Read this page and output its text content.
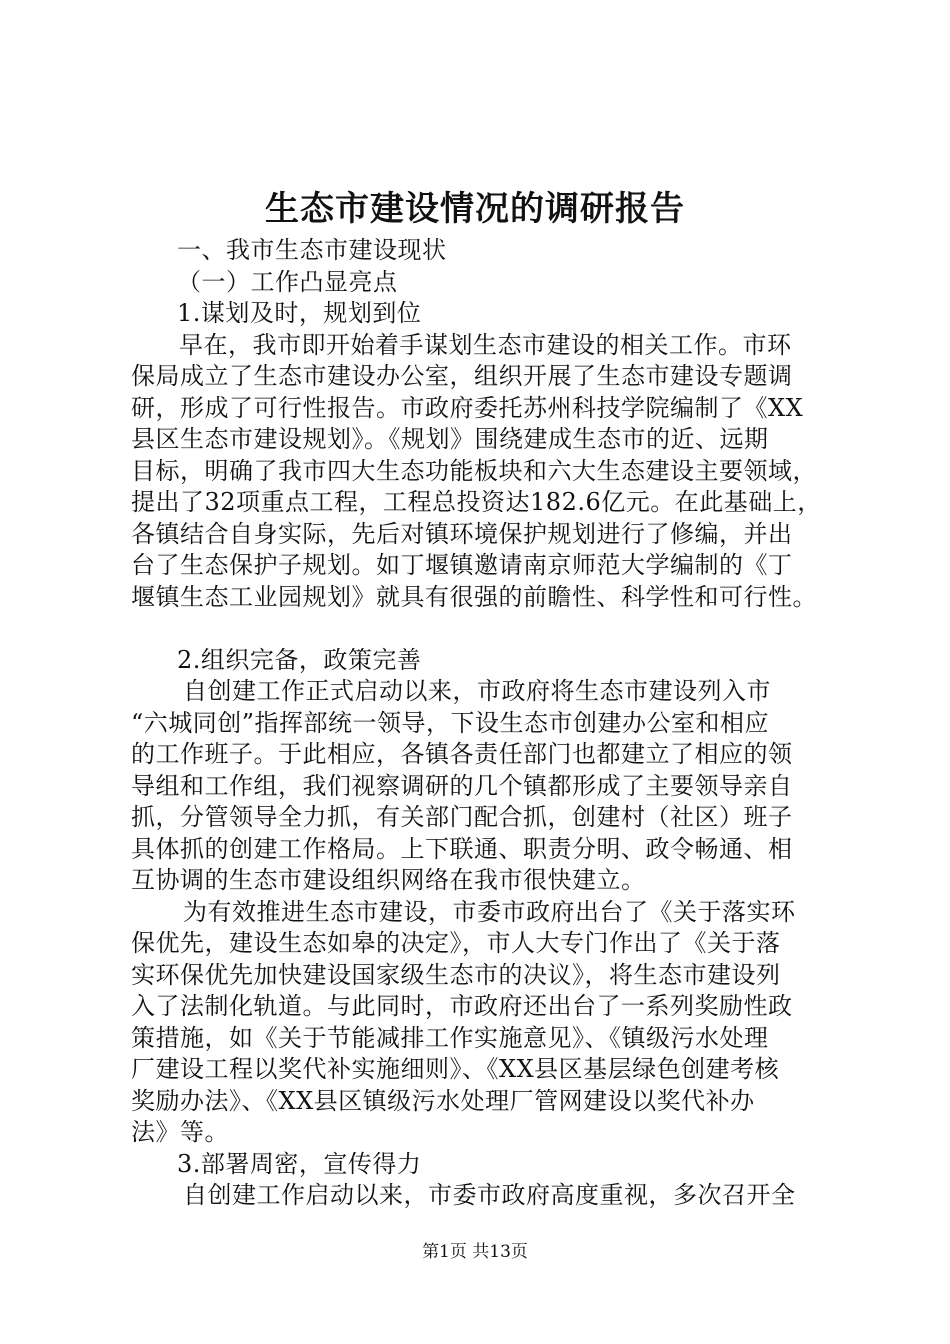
生态市建设情况的调研报告
一、我市生态市建设现状
（一）工作凸显亮点
1.谋划及时，规划到位
早在，我市即开始着手谋划生态市建设的相关工作。市环
保局成立了生态市建设办公室，组织开展了生态市建设专题调
研，形成了可行性报告。市政府委托苏州科技学院编制了《XX
县区生态市建设规划》。《规划》围绕建成生态市的近、远期
目标，明确了我市四大生态功能板块和六大生态建设主要领域，
提出了32项重点工程，工程总投资达182.6亿元。在此基础上，
各镇结合自身实际，先后对镇环境保护规划进行了修编，并出
台了生态保护子规划。如丁堰镇邀请南京师范大学编制的《丁
堰镇生态工业园规划》就具有很强的前瞻性、科学性和可行性。
2.组织完备，政策完善
自创建工作正式启动以来，市政府将生态市建设列入市
“六城同创”指挥部统一领导，下设生态市创建办公室和相应
的工作班子。于此相应，各镇各责任部门也都建立了相应的领
导组和工作组，我们视察调研的几个镇都形成了主要领导亲自
抓，分管领导全力抓，有关部门配合抓，创建村（社区）班子
具体抓的创建工作格局。上下联通、职责分明、政令畅通、相
互协调的生态市建设组织网络在我市很快建立。
为有效推进生态市建设，市委市政府出台了《关于落实环
保优先，建设生态如皋的决定》，市人大专门作出了《关于落
实环保优先加快建设国家级生态市的决议》，将生态市建设列
入了法制化轨道。与此同时，市政府还出台了一系列奖励性政
策措施，如《关于节能减排工作实施意见》、《镇级污水处理
厂建设工程以奖代补实施细则》、《XX县区基层绿色创建考核
奖励办法》、《XX县区镇级污水处理厂管网建设以奖代补办
法》等。
3.部署周密，宣传得力
自创建工作启动以来，市委市政府高度重视，多次召开全
第1页 共13页
